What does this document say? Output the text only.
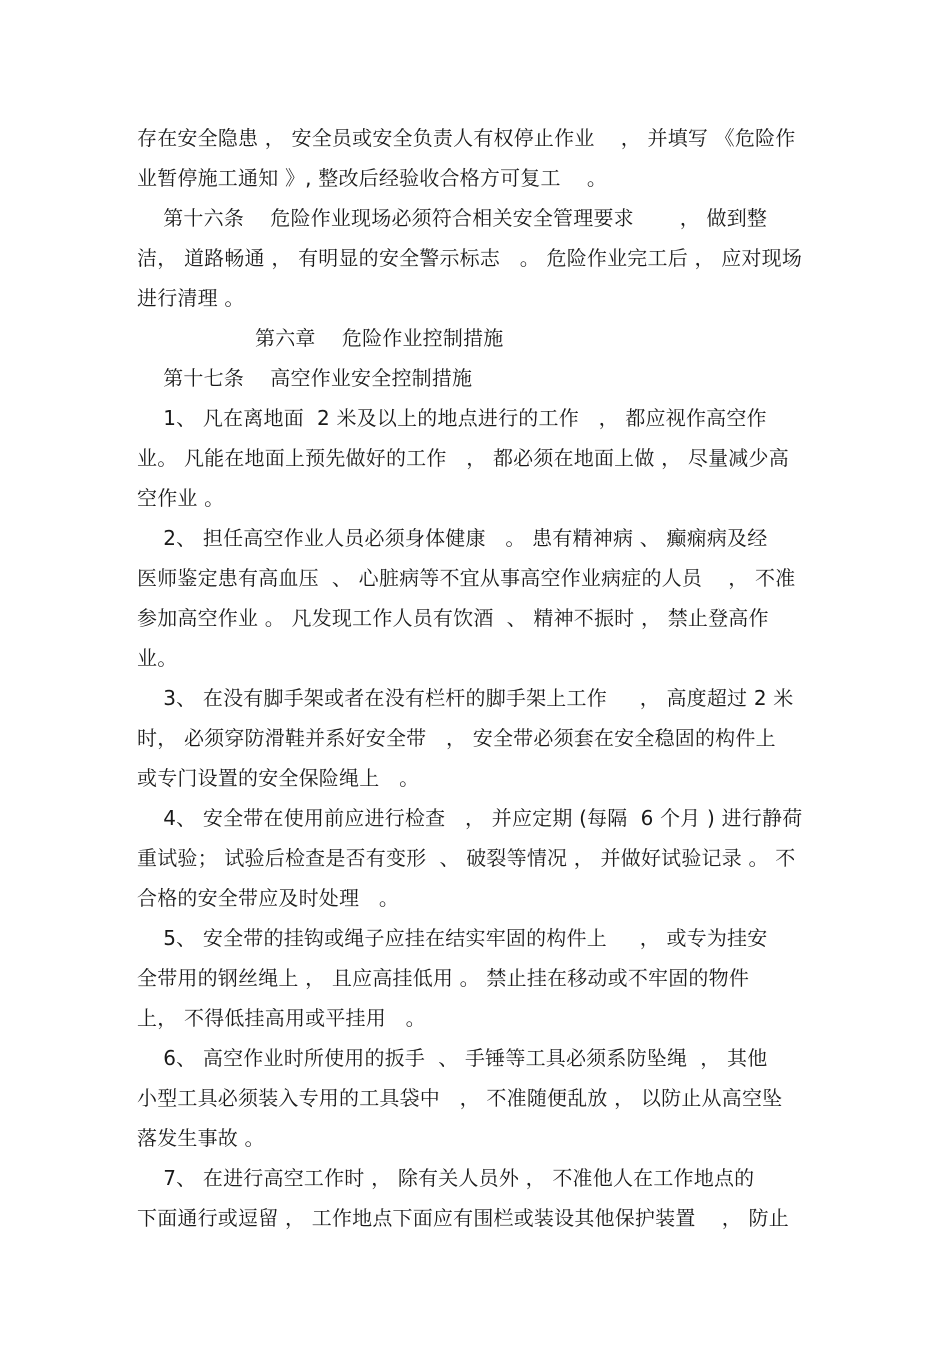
存在安全隐患 ， 安全员或安全负责人有权停止作业    ， 并填写 《危险作
业暂停施工通知 》, 整改后经验收合格方可复工    。
第十六条    危险作业现场必须符合相关安全管理要求       ， 做到整
洁， 道路畅通 ， 有明显的安全警示标志   。 危险作业完工后 ， 应对现场
进行清理 。
第六章    危险作业控制措施
第十七条    高空作业安全控制措施
1、 凡在离地面  2 米及以上的地点进行的工作   ， 都应视作高空作
业。 凡能在地面上预先做好的工作   ， 都必须在地面上做 ， 尽量减少高
空作业 。
2、 担任高空作业人员必须身体健康   。 患有精神病 、 癫痫病及经
医师鉴定患有高血压  、 心脏病等不宜从事高空作业病症的人员    ， 不准
参加高空作业 。 凡发现工作人员有饮酒  、 精神不振时 ， 禁止登高作
业。
3、 在没有脚手架或者在没有栏杆的脚手架上工作     ， 高度超过 2 米
时， 必须穿防滑鞋并系好安全带   ， 安全带必须套在安全稳固的构件上
或专门设置的安全保险绳上   。
4、 安全带在使用前应进行检查   ， 并应定期 (每隔  6 个月 ) 进行静荷
重试验； 试验后检查是否有变形  、 破裂等情况 ， 并做好试验记录 。 不
合格的安全带应及时处理   。
5、 安全带的挂钩或绳子应挂在结实牢固的构件上     ， 或专为挂安
全带用的钢丝绳上 ， 且应高挂低用 。 禁止挂在移动或不牢固的物件
上， 不得低挂高用或平挂用   。
6、 高空作业时所使用的扳手  、 手锤等工具必须系防坠绳  ， 其他
小型工具必须装入专用的工具袋中   ， 不准随便乱放 ， 以防止从高空坠
落发生事故 。
7、 在进行高空工作时 ， 除有关人员外 ， 不准他人在工作地点的
下面通行或逗留 ， 工作地点下面应有围栏或装设其他保护装置    ， 防止
